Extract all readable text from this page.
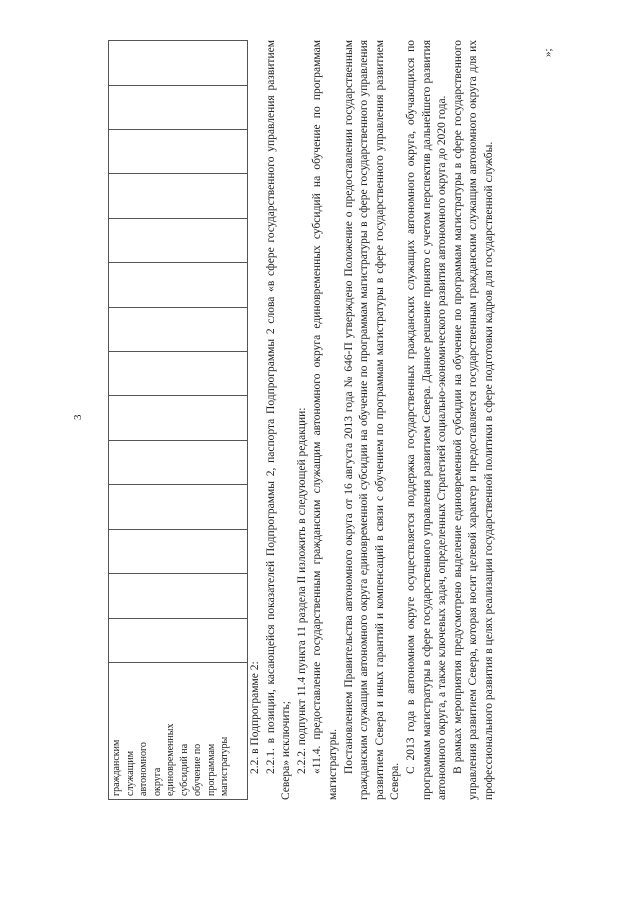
3
»;
гражданским служащим автономного округа единовременных субсидий на обучение по программам магистратуры
														2.2. в Подпрограмме 2: 2.2.1. в позиции, касающейся показателей Подпрограммы 2, паспорта Подпрограммы 2 слова «в сфере государственного управления развитием Севера» исключить; 2.2.2. подпункт 11.4 пункта 11 раздела II изложить в следующей редакции: «11.4. предоставление государственным гражданским служащим автономного округа единовременных субсидий на обучение по программам магистратуры. Постановлением Правительства автономного округа от 16 августа 2013 года № 646-П утверждено Положение о предоставлении государственным гражданским служащим автономного округа единовременной субсидии на обучение по программам магистратуры в сфере государственного управления развитием Севера и иных гарантий и компенсаций в связи с обучением по программам магистратуры в сфере государственного управления развитием Севера.

С 2013 года в автономном округе осуществляется поддержка государственных гражданских служащих автономного округа, обучающихся по программам магистратуры в сфере государственного управления развитием Севера. Данное решение принято с учетом перспектив дальнейшего развития автономного округа, а также ключевых задач, определенных Стратегией социально-экономического развития автономного округа до 2020 года. В рамках мероприятия предусмотрено выделение единовременной субсидии на обучение по программам магистратуры в сфере государственного управления развитием Севера, которая носит целевой характер и предоставляется государственным гражданским служащим автономного округа для их профессионального развития в целях реализации государственной политики в сфере подготовки кадров для государственной службы.
